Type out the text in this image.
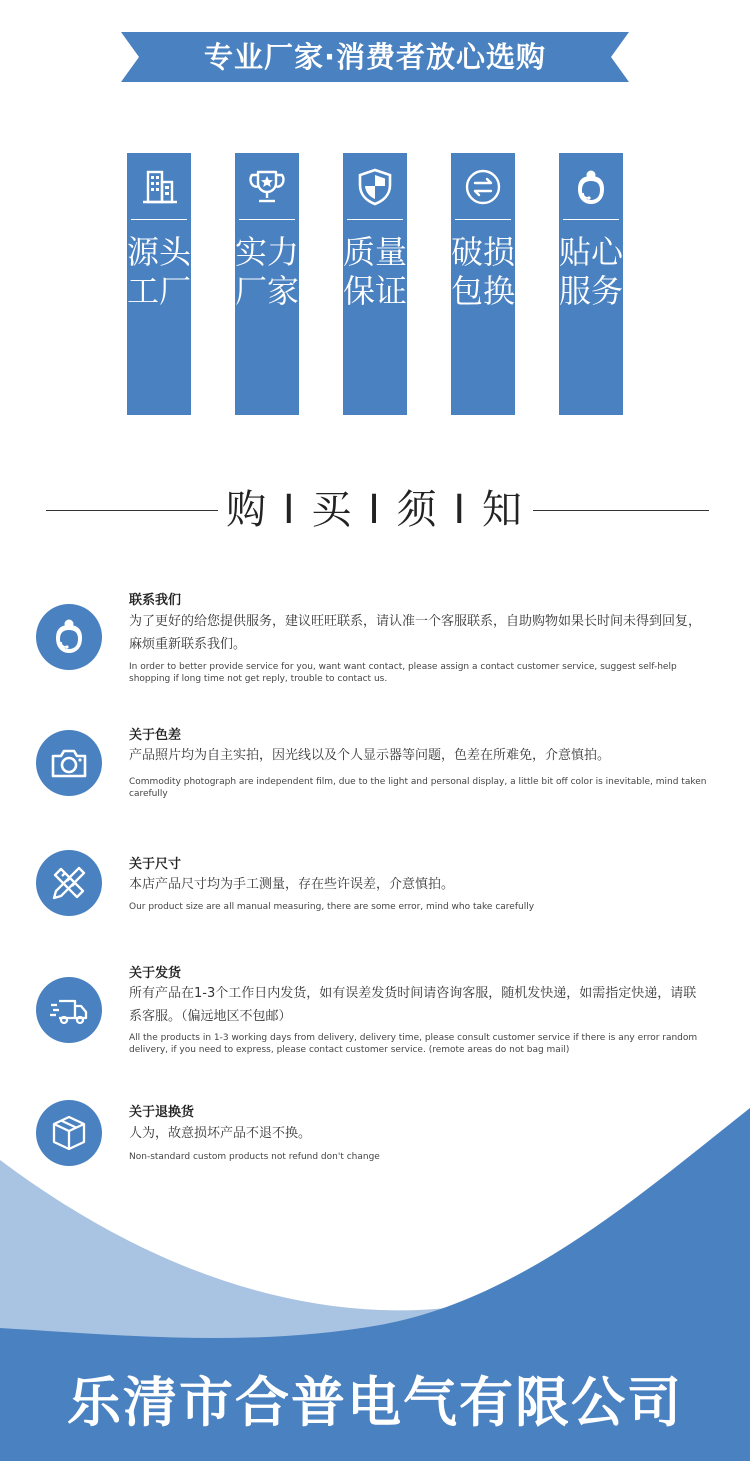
专业厂家·消费者放心选购
源头工厂
实力厂家
质量保证
破损包换
贴心服务
购 I 买 I 须 I 知
联系我们
为了更好的给您提供服务，建议旺旺联系，请认准一个客服联系，自助购物如果长时间未得到回复，麻烦重新联系我们。
In order to better provide service for you, want want contact, please assign a contact customer service, suggest self-help shopping if long time not get reply, trouble to contact us.
关于色差
产品照片均为自主实拍，因光线以及个人显示器等问题，色差在所难免，介意慎拍。
Commodity photograph are independent film, due to the light and personal display, a little bit off color is inevitable, mind taken carefully
关于尺寸
本店产品尺寸均为手工测量，存在些许误差，介意慎拍。
Our product size are all manual measuring, there are some error, mind who take carefully
关于发货
所有产品在1-3个工作日内发货，如有误差发货时间请咨询客服，随机发快递，如需指定快递，请联系客服。（偏远地区不包邮）
All the products in 1-3 working days from delivery, delivery time, please consult customer service if there is any error random delivery, if you need to express, please contact customer service. (remote areas do not bag mail)
关于退换货
人为，故意损坏产品不退不换。
Non-standard custom products not refund don't change
乐清市合普电气有限公司
